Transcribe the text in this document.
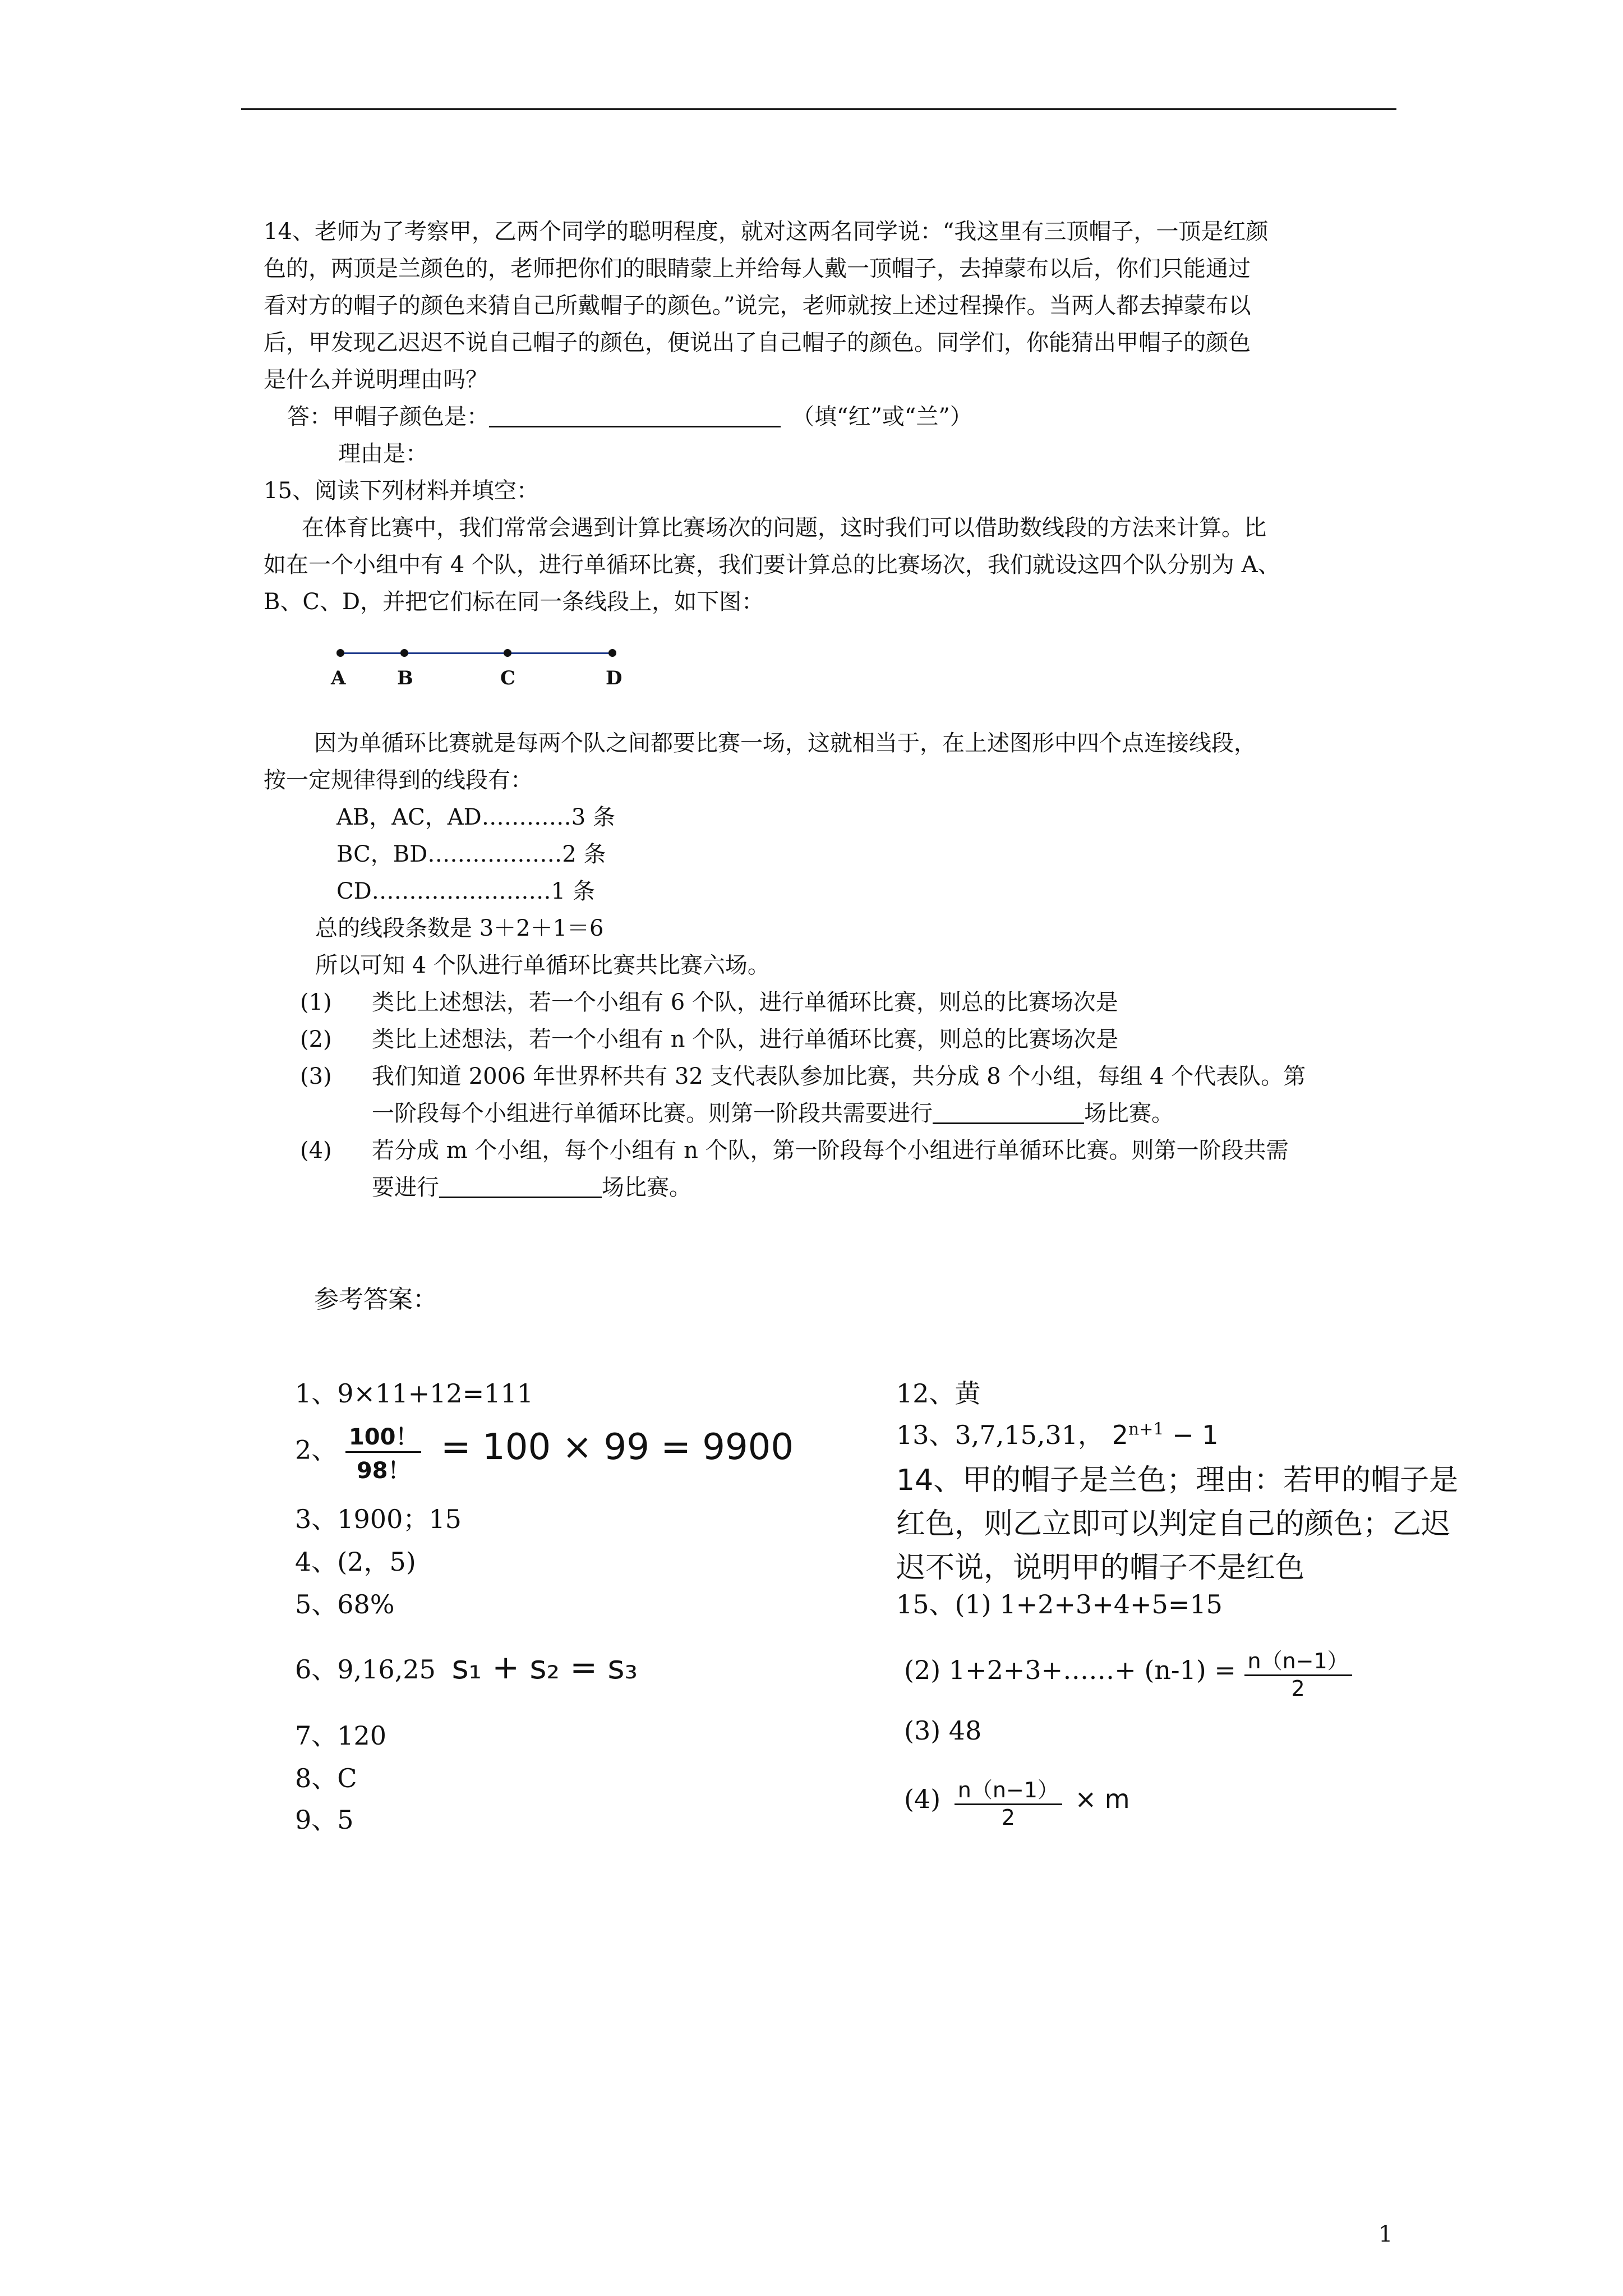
14、老师为了考察甲，乙两个同学的聪明程度，就对这两名同学说：“我这里有三顶帽子，一顶是红颜
色的，两顶是兰颜色的，老师把你们的眼睛蒙上并给每人戴一顶帽子，去掉蒙布以后，你们只能通过
看对方的帽子的颜色来猜自己所戴帽子的颜色。”说完，老师就按上述过程操作。当两人都去掉蒙布以
后，甲发现乙迟迟不说自己帽子的颜色，便说出了自己帽子的颜色。同学们，你能猜出甲帽子的颜色
是什么并说明理由吗？
答：甲帽子颜色是：	（填“红”或“兰”）
理由是：
15、阅读下列材料并填空：
在体育比赛中，我们常常会遇到计算比赛场次的问题，这时我们可以借助数线段的方法来计算。比
如在一个小组中有 4 个队，进行单循环比赛，我们要计算总的比赛场次，我们就设这四个队分别为 A、
B、C、D，并把它们标在同一条线段上，如下图：
A	B	C	D
因为单循环比赛就是每两个队之间都要比赛一场，这就相当于，在上述图形中四个点连接线段，
按一定规律得到的线段有：
AB，AC，AD…………3 条
BC，BD………………2 条
CD……………………1 条
总的线段条数是 3＋2＋1＝6
所以可知 4 个队进行单循环比赛共比赛六场。
(1) 类比上述想法，若一个小组有 6 个队，进行单循环比赛，则总的比赛场次是
(2) 类比上述想法，若一个小组有 n 个队，进行单循环比赛，则总的比赛场次是
(3) 我们知道 2006 年世界杯共有 32 支代表队参加比赛，共分成 8 个小组，每组 4 个代表队。第
一阶段每个小组进行单循环比赛。则第一阶段共需要进行	场比赛。
(4) 若分成 m 个小组，每个小组有 n 个队，第一阶段每个小组进行单循环比赛。则第一阶段共需
要进行	场比赛。
参考答案：
1、9×11+12=111
2、 $\frac{100!}{98!} = 100 \times 99 = 9900$
3、1900；15
4、(2，5)
5、68%
6、9,16,25 s₁ + s₂ = s₃
7、120
8、C
9、5
12、黄
13、3,7,15,31， $2^{n+1} - 1$
14、甲的帽子是兰色；理由：若甲的帽子是
红色，则乙立即可以判定自己的颜色；乙迟
迟不说，说明甲的帽子不是红色
15、(1) 1+2+3+4+5=15
(2) 1+2+3+……+ $(n-1) = \frac{n(n-1)}{2}$
(3) 48
$(4) \frac{n(n-1)}{2} \times m$
1
